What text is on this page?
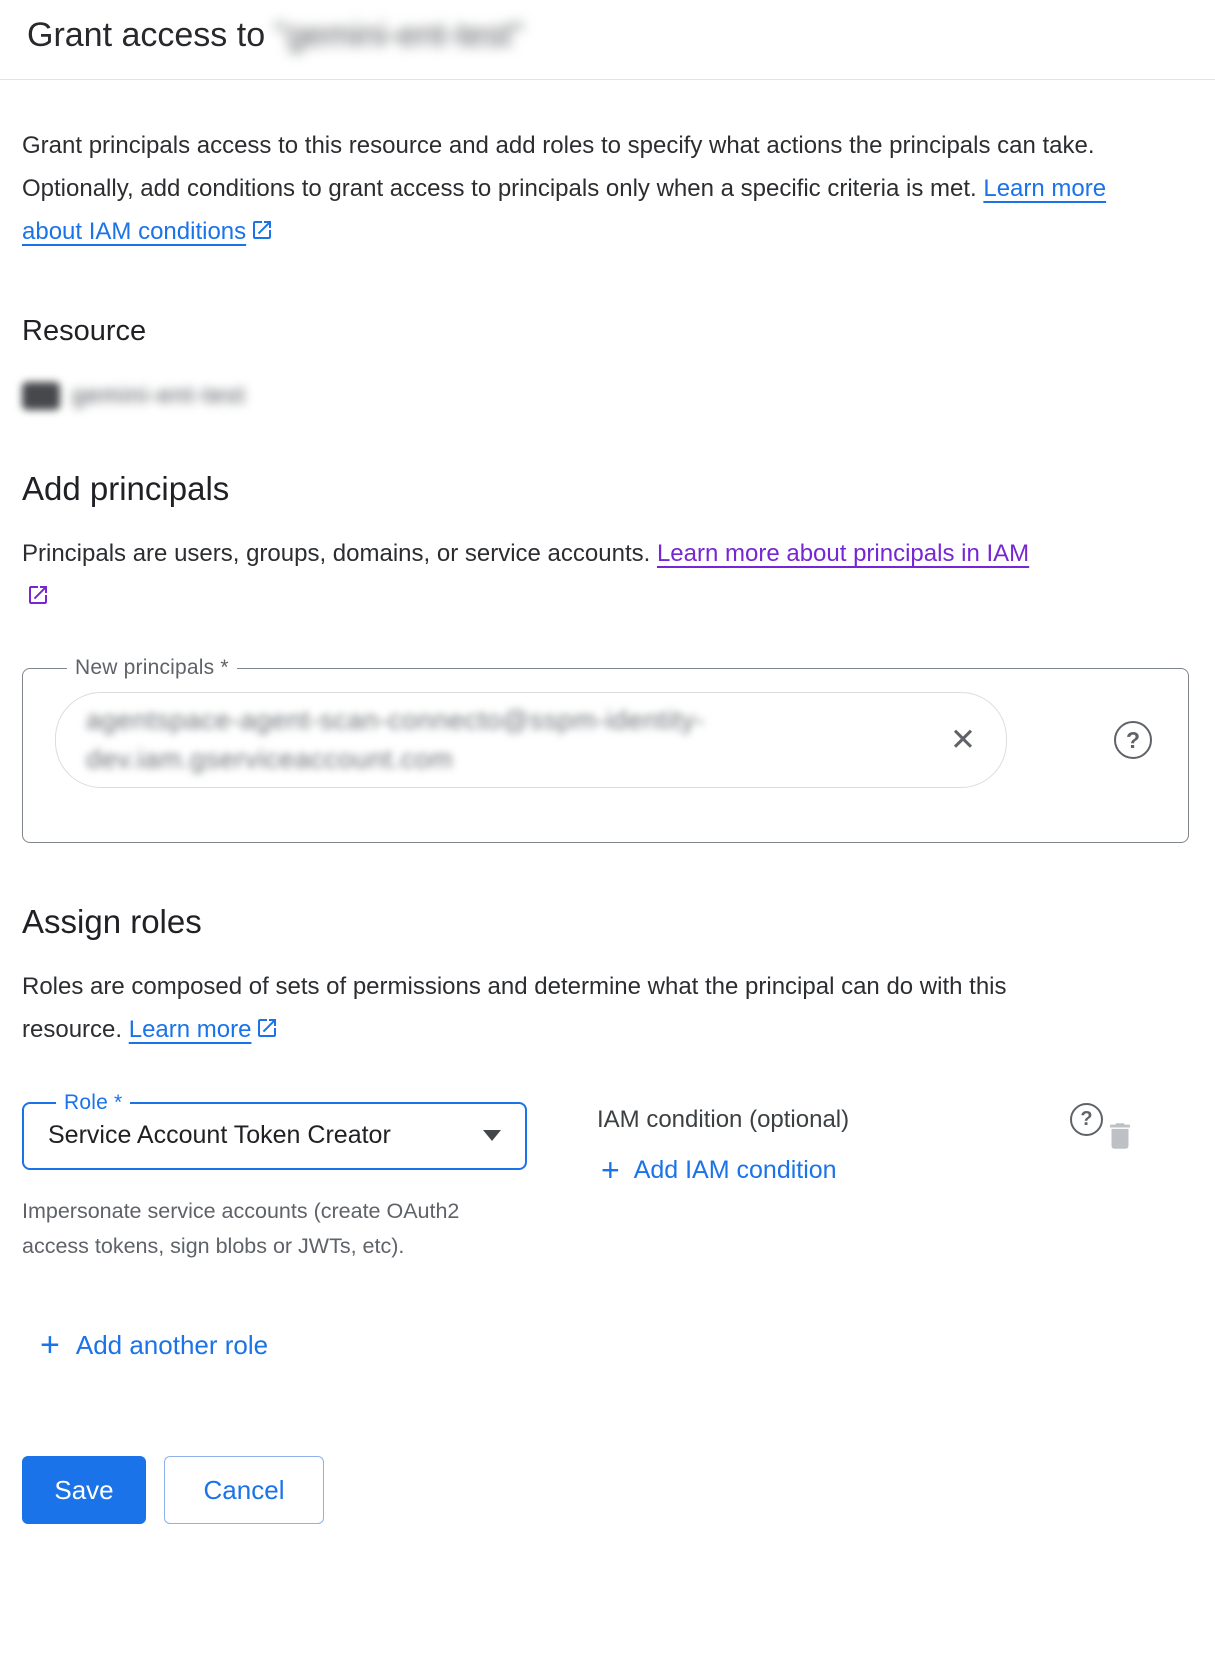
Grant access to "gemini-ent-test"

Grant principals access to this resource and add roles to specify what actions the principals can take. Optionally, add conditions to grant access to principals only when a specific criteria is met. Learn more about IAM conditions

Resource
gemini-ent-test
Add principals

Principals are users, groups, domains, or service accounts. Learn more about principals in IAM

New principals *
agentspace-agent-scan-connecto@sspm-identity-dev.iam.gserviceaccount.com
✕	?
Assign roles

Roles are composed of sets of permissions and determine what the principal can do with this resource. Learn more

Role *
Service Account Token Creator

Impersonate service accounts (create OAuth2 access tokens, sign blobs or JWTs, etc).

IAM condition (optional)	?
+ Add IAM condition
+ Add another role
Save	Cancel
